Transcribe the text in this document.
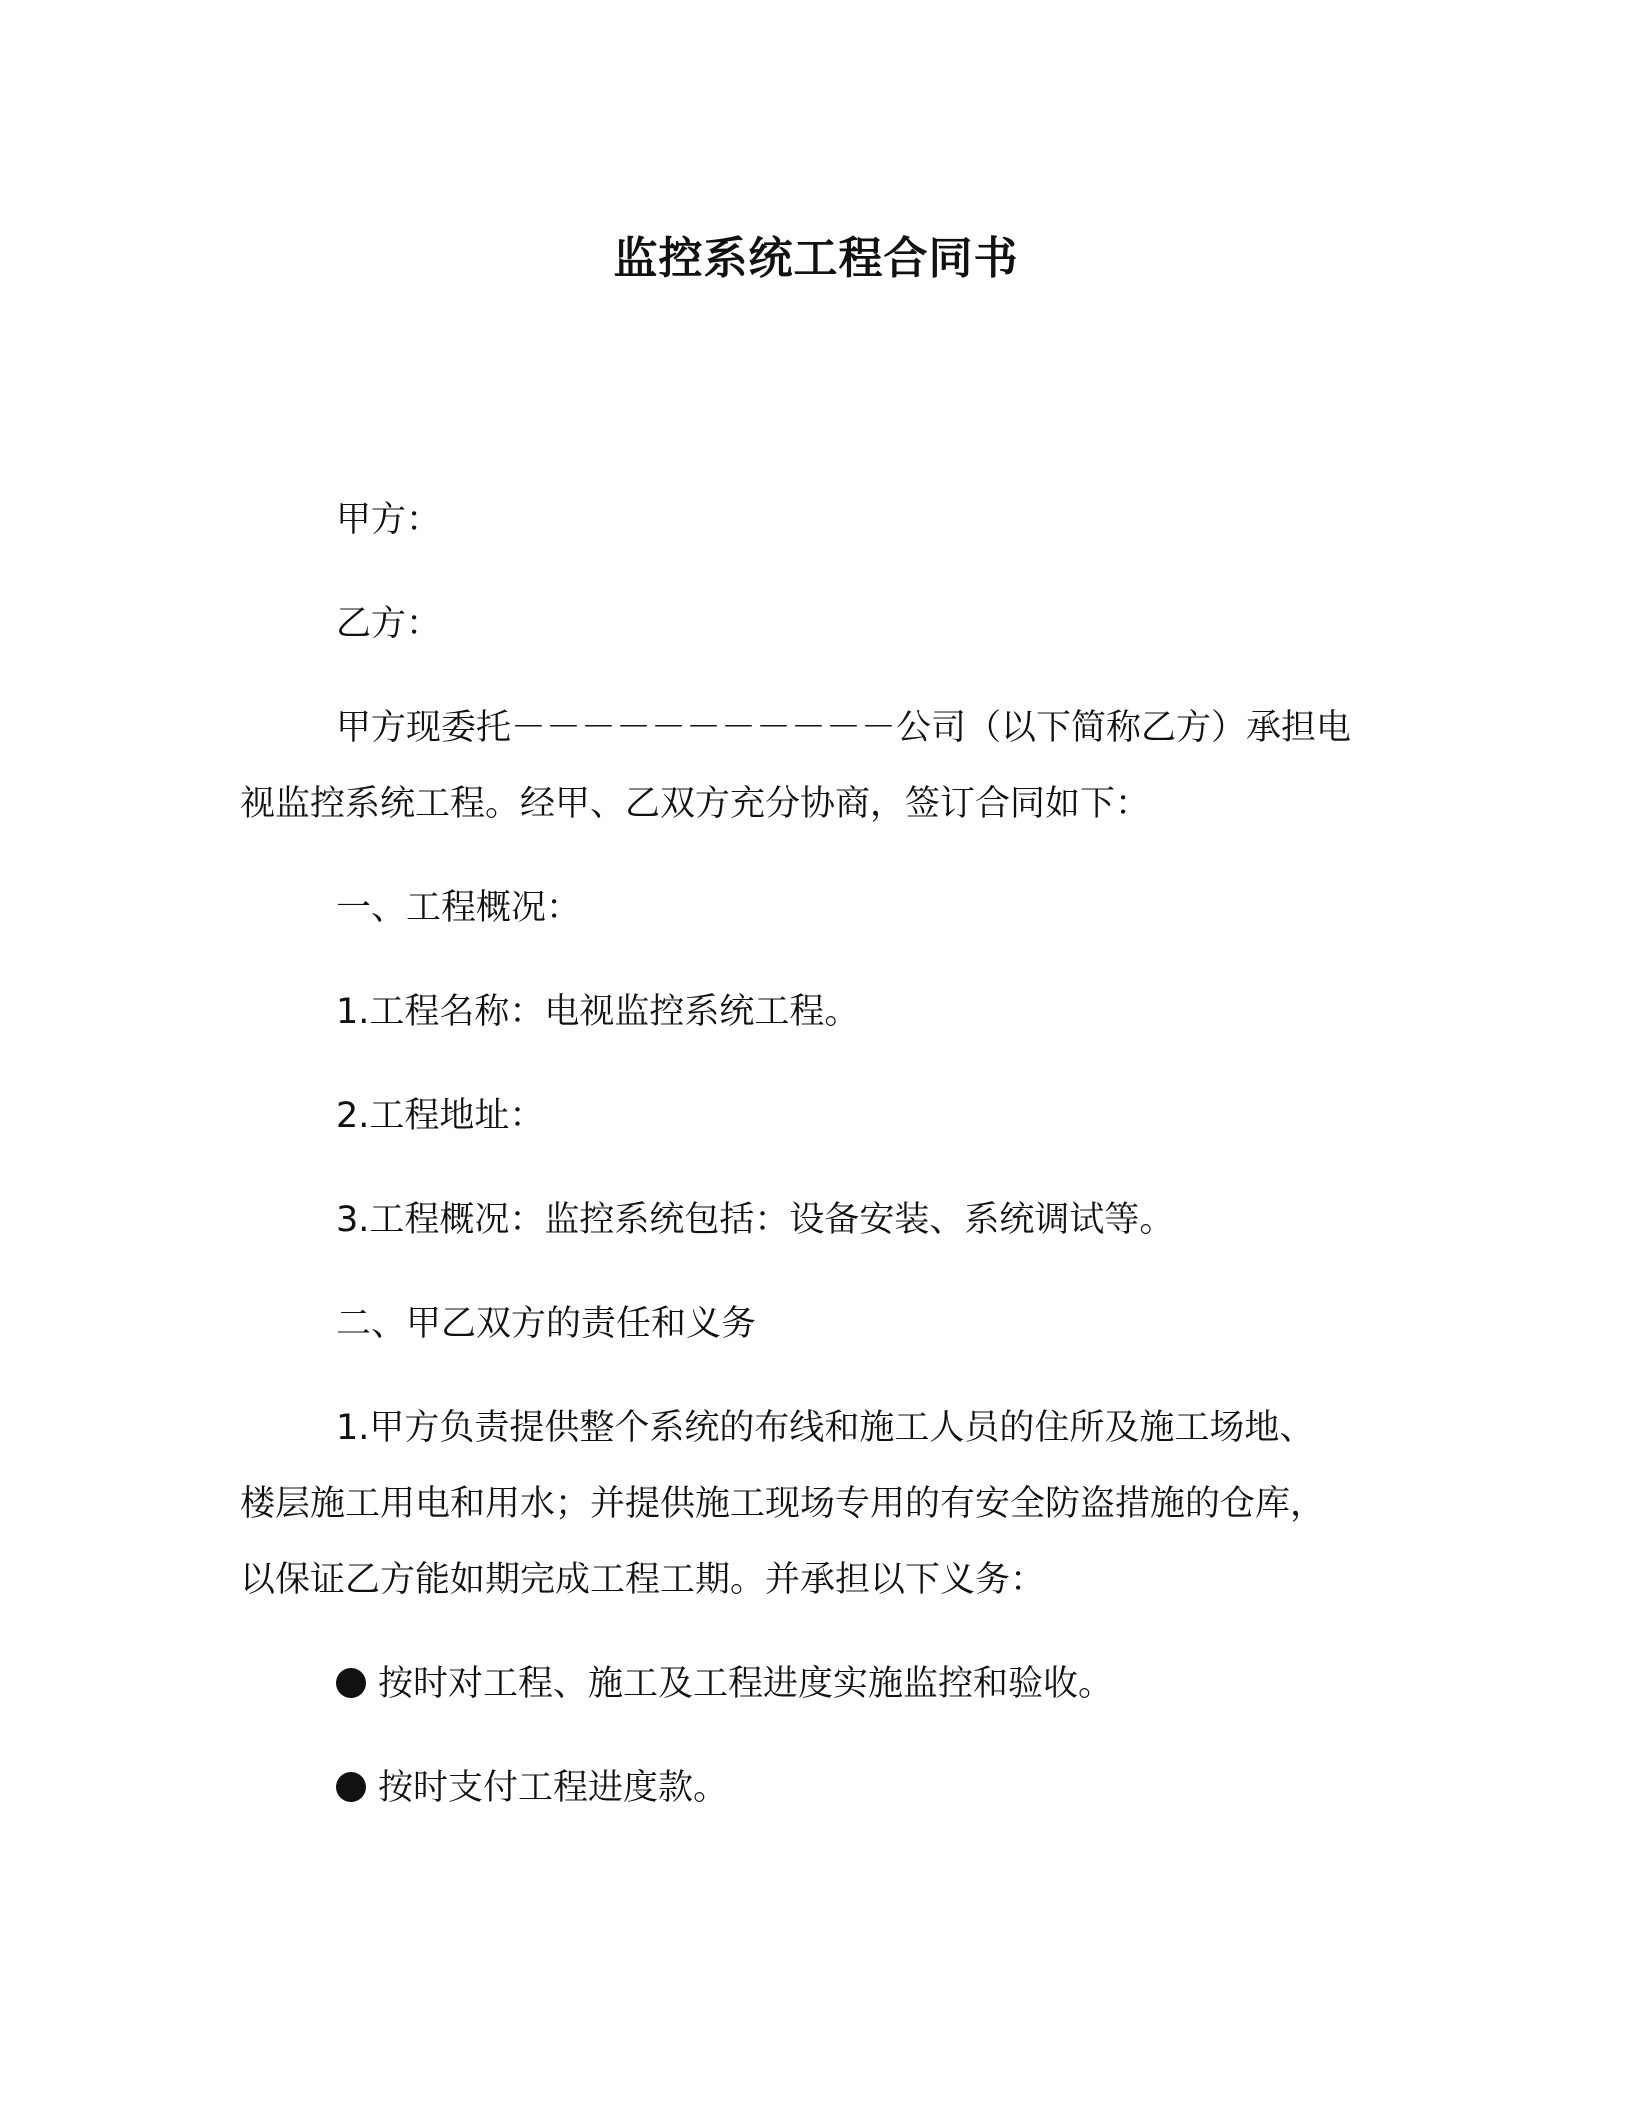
监控系统工程合同书

甲方：

乙方：

甲方现委托－－－－－－－－－－－公司（以下简称乙方）承担电

视监控系统工程。经甲、乙双方充分协商，签订合同如下：

一、工程概况：

1.工程名称：电视监控系统工程。

2.工程地址：

3.工程概况：监控系统包括：设备安装、系统调试等。

二、甲乙双方的责任和义务

1.甲方负责提供整个系统的布线和施工人员的住所及施工场地、

楼层施工用电和用水；并提供施工现场专用的有安全防盗措施的仓库，

以保证乙方能如期完成工程工期。并承担以下义务：

按时对工程、施工及工程进度实施监控和验收。

按时支付工程进度款。
